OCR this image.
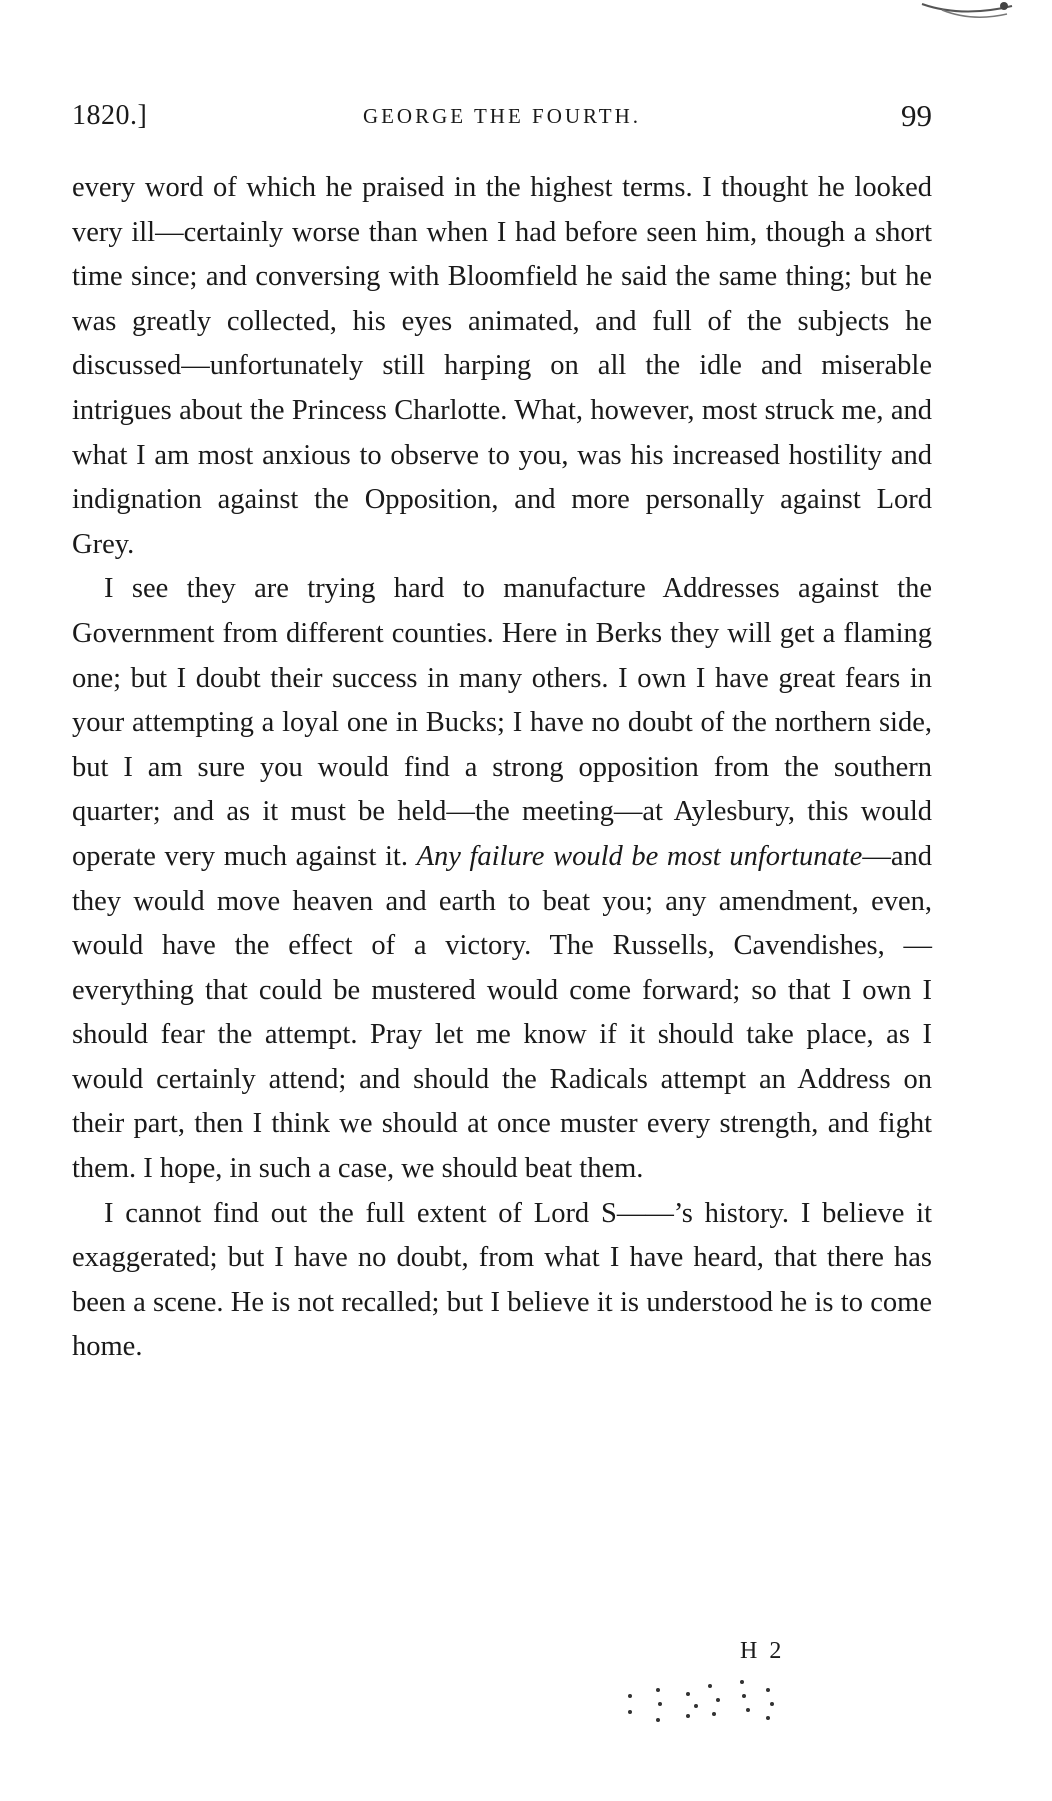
1820.]	GEORGE THE FOURTH.	99

every word of which he praised in the highest terms. I thought he looked very ill—certainly worse than when I had before seen him, though a short time since; and conversing with Bloomfield he said the same thing; but he was greatly collected, his eyes animated, and full of the subjects he discussed—unfortunately still harping on all the idle and miserable intrigues about the Princess Charlotte. What, however, most struck me, and what I am most anxious to observe to you, was his increased hostility and indignation against the Opposition, and more personally against Lord Grey.

I see they are trying hard to manufacture Addresses against the Government from different counties. Here in Berks they will get a flaming one; but I doubt their success in many others. I own I have great fears in your attempting a loyal one in Bucks; I have no doubt of the northern side, but I am sure you would find a strong opposition from the southern quarter; and as it must be held—the meeting—at Aylesbury, this would operate very much against it. Any failure would be most unfortunate—and they would move heaven and earth to beat you; any amendment, even, would have the effect of a victory. The Russells, Cavendishes, — everything that could be mustered would come forward; so that I own I should fear the attempt. Pray let me know if it should take place, as I would certainly attend; and should the Radicals attempt an Address on their part, then I think we should at once muster every strength, and fight them. I hope, in such a case, we should beat them.

I cannot find out the full extent of Lord S——’s history. I believe it exaggerated; but I have no doubt, from what I have heard, that there has been a scene. He is not recalled; but I believe it is understood he is to come home.

H 2
